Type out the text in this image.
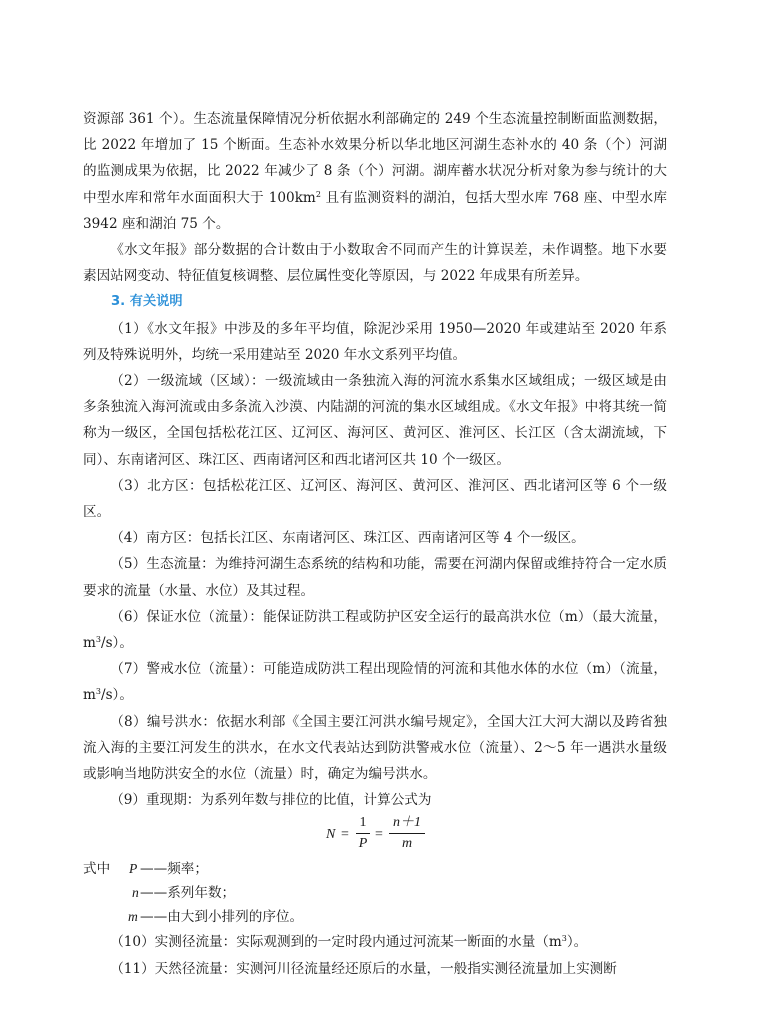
资源部 361 个）。生态流量保障情况分析依据水利部确定的 249 个生态流量控制断面监测数据，比 2022 年增加了 15 个断面。生态补水效果分析以华北地区河湖生态补水的 40 条（个）河湖的监测成果为依据，比 2022 年减少了 8 条（个）河湖。湖库蓄水状况分析对象为参与统计的大中型水库和常年水面面积大于 $100km^2$ 且有监测资料的湖泊，包括大型水库 768 座、中型水库 3942 座和湖泊 75 个。

《水文年报》部分数据的合计数由于小数取舍不同而产生的计算误差，未作调整。地下水要素因站网变动、特征值复核调整、层位属性变化等原因，与 2022 年成果有所差异。

3. 有关说明

（1）《水文年报》中涉及的多年平均值，除泥沙采用 1950—2020 年或建站至 2020 年系列及特殊说明外，均统一采用建站至 2020 年水文系列平均值。

（2）一级流域（区域）：一级流域由一条独流入海的河流水系集水区域组成；一级区域是由多条独流入海河流或由多条流入沙漠、内陆湖的河流的集水区域组成。《水文年报》中将其统一简称为一级区，全国包括松花江区、辽河区、海河区、黄河区、淮河区、长江区（含太湖流域，下同）、东南诸河区、珠江区、西南诸河区和西北诸河区共 10 个一级区。

（3）北方区：包括松花江区、辽河区、海河区、黄河区、淮河区、西北诸河区等 6 个一级区。

（4）南方区：包括长江区、东南诸河区、珠江区、西南诸河区等 4 个一级区。

（5）生态流量：为维持河湖生态系统的结构和功能，需要在河湖内保留或维持符合一定水质要求的流量（水量、水位）及其过程。

（6）保证水位（流量）：能保证防洪工程或防护区安全运行的最高洪水位（m）（最大流量，$m^3/s$）。

（7）警戒水位（流量）：可能造成防洪工程出现险情的河流和其他水体的水位（m）（流量，$m^3/s$）。

（8）编号洪水：依据水利部《全国主要江河洪水编号规定》，全国大江大河大湖以及跨省独流入海的主要江河发生的洪水，在水文代表站达到防洪警戒水位（流量）、2～5 年一遇洪水量级或影响当地防洪安全的水位（流量）时，确定为编号洪水。

（9）重现期：为系列年数与排位的比值，计算公式为

$N = \frac{1}{P} = \frac{n+1}{m}$
式中 P ——频率；
n ——系列年数；
m ——由大到小排列的序位。

（10）实测径流量：实际观测到的一定时段内通过河流某一断面的水量$(m^3)$。

（11）天然径流量：实测河川径流量经还原后的水量，一般指实测径流量加上实测断
